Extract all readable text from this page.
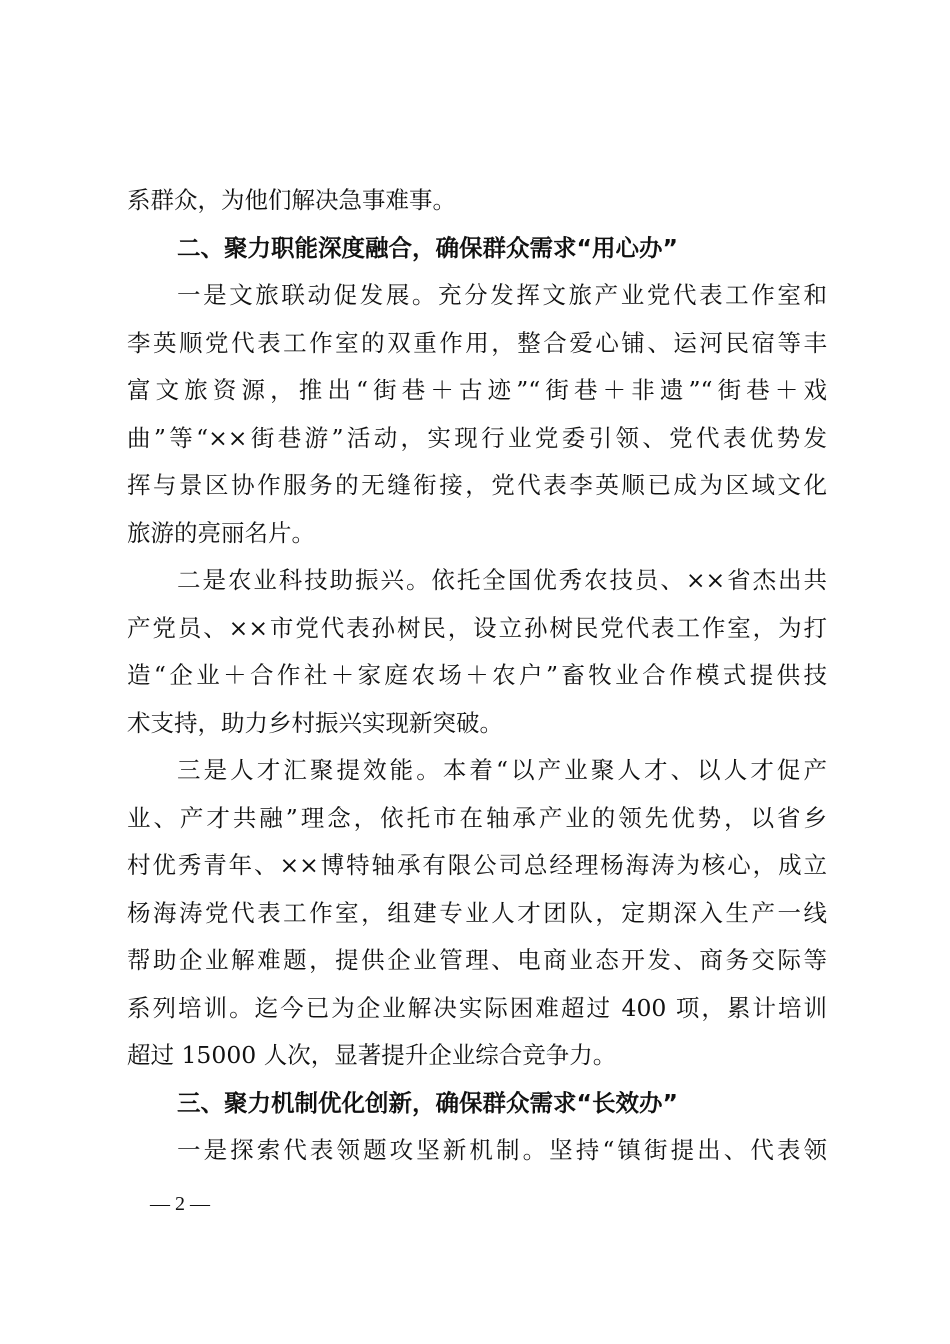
系群众，为他们解决急事难事。
二、聚力职能深度融合，确保群众需求“用心办”
一是文旅联动促发展。充分发挥文旅产业党代表工作室和
李英顺党代表工作室的双重作用，整合爱心铺、运河民宿等丰
富文旅资源，推出“街巷＋古迹”“街巷＋非遗”“街巷＋戏
曲”等“××街巷游”活动，实现行业党委引领、党代表优势发
挥与景区协作服务的无缝衔接，党代表李英顺已成为区域文化
旅游的亮丽名片。
二是农业科技助振兴。依托全国优秀农技员、××省杰出共
产党员、××市党代表孙树民，设立孙树民党代表工作室，为打
造“企业＋合作社＋家庭农场＋农户”畜牧业合作模式提供技
术支持，助力乡村振兴实现新突破。
三是人才汇聚提效能。本着“以产业聚人才、以人才促产
业、产才共融”理念，依托市在轴承产业的领先优势，以省乡
村优秀青年、××博特轴承有限公司总经理杨海涛为核心，成立
杨海涛党代表工作室，组建专业人才团队，定期深入生产一线
帮助企业解难题，提供企业管理、电商业态开发、商务交际等
系列培训。迄今已为企业解决实际困难超过 400 项，累计培训
超过 15000 人次，显著提升企业综合竞争力。
三、聚力机制优化创新，确保群众需求“长效办”
一是探索代表领题攻坚新机制。坚持“镇街提出、代表领
— 2 —
